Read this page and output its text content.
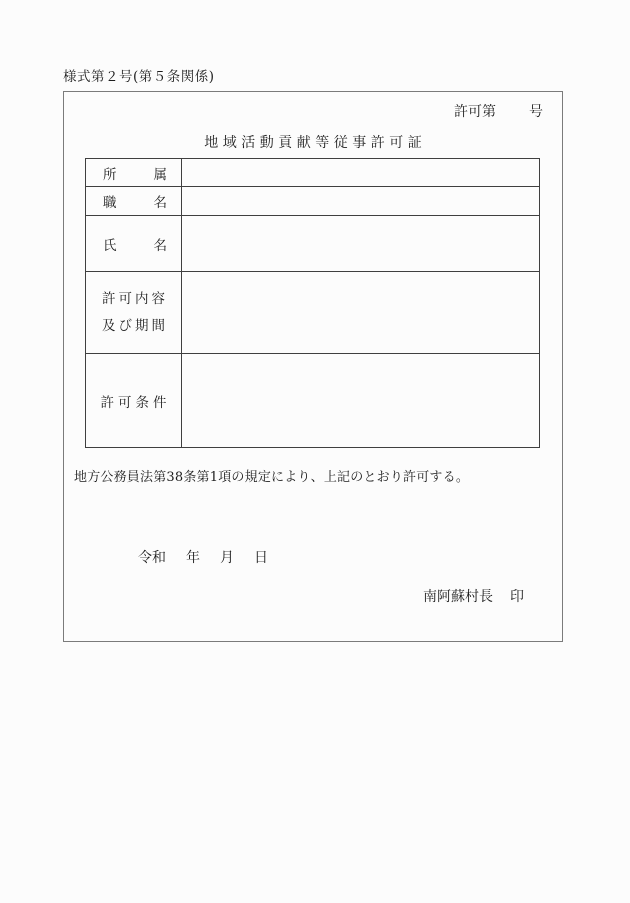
様式第２号(第５条関係)
許可第 号
地域活動貢献等従事許可証
所	属
職	名
氏	名
許可内容
及び期間
許可条件
地方公務員法第38条第1項の規定により、上記のとおり許可する。
令和 年 月 日
南阿蘇村長 印
